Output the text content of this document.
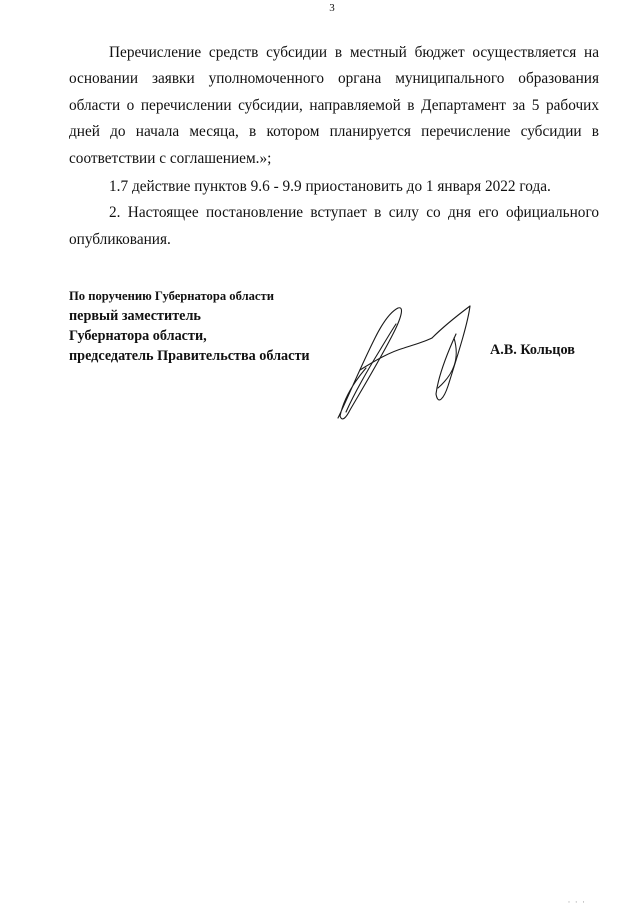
3
· · ·

Перечисление средств субсидии в местный бюджет осуществляется на основании заявки уполномоченного органа муниципального образования области о перечислении субсидии, направляемой в Департамент за 5 рабочих дней до начала месяца, в котором планируется перечисление субсидии в соответствии с соглашением.»;

1.7 действие пунктов 9.6 - 9.9 приостановить до 1 января 2022 года.

2. Настоящее постановление вступает в силу со дня его официального опубликования.

По поручению Губернатора области
первый заместитель
Губернатора области,
председатель Правительства области	А.В. Кольцов
